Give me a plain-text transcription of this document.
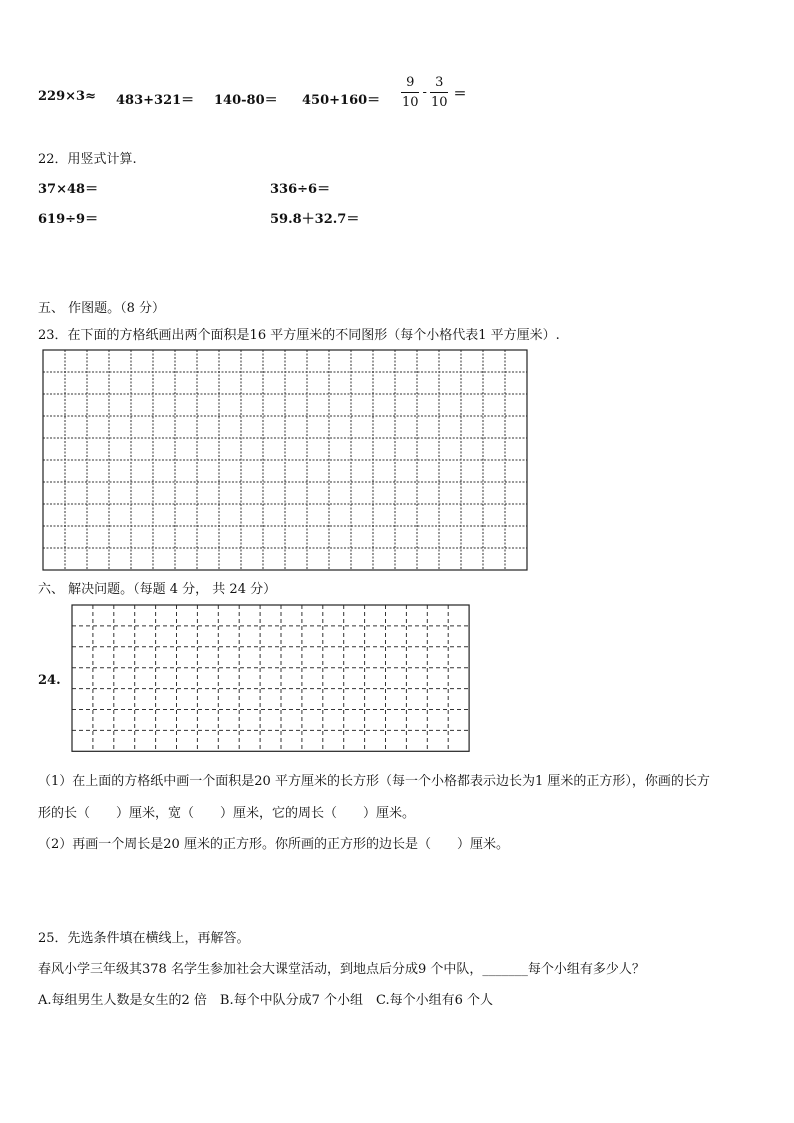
$229\times 3\approx 483+321= 140-80= 450+160= \frac{9}{10} - \frac{3}{10}$ ＝
22．用竖式计算.
37×48＝	336÷6＝
619÷9＝	59.8＋32.7＝
五、 作图题。（8 分）
23．在下面的方格纸画出两个面积是16 平方厘米的不同图形（每个小格代表1 平方厘米）.
六、 解决问题。（每题 4 分， 共 24 分）
24.
（1）在上面的方格纸中画一个面积是20 平方厘米的长方形（每一个小格都表示边长为1 厘米的正方形），你画的长方
形的长（　　）厘米，宽（　　）厘米，它的周长（　　）厘米。
（2）再画一个周长是20 厘米的正方形。你所画的正方形的边长是（　　）厘米。
25．先选条件填在横线上，再解答。
春风小学三年级其378 名学生参加社会大课堂活动，到地点后分成9 个中队，_______每个小组有多少人？
A.每组男生人数是女生的2 倍　B.每个中队分成7 个小组　C.每个小组有6 个人
